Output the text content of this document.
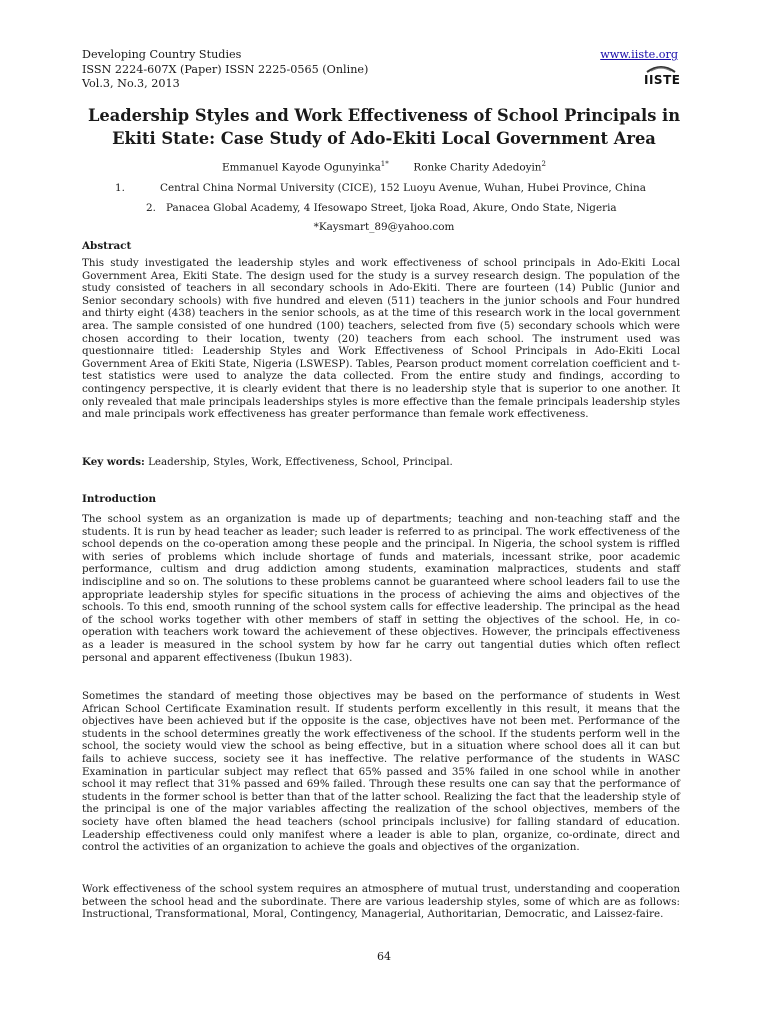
Developing Country Studies
ISSN 2224-607X (Paper) ISSN 2225-0565 (Online)
Vol.3, No.3, 2013
www.iiste.org
IISTE
Leadership Styles and Work Effectiveness of School Principals in
Ekiti State: Case Study of Ado-Ekiti Local Government Area
Emmanuel Kayode Ogunyinka$^{1*}$ Ronke Charity Adedoyin$^2$
1.	Central China Normal University (CICE), 152 Luoyu Avenue, Wuhan, Hubei Province, China
2. Panacea Global Academy, 4 Ifesowapo Street, Ijoka Road, Akure, Ondo State, Nigeria
*Kaysmart_89@yahoo.com
Abstract
This study investigated the leadership styles and work effectiveness of school principals in Ado-Ekiti Local Government Area, Ekiti State. The design used for the study is a survey research design. The population of the study consisted of teachers in all secondary schools in Ado-Ekiti. There are fourteen (14) Public (Junior and Senior secondary schools) with five hundred and eleven (511) teachers in the junior schools and Four hundred and thirty eight (438) teachers in the senior schools, as at the time of this research work in the local government area. The sample consisted of one hundred (100) teachers, selected from five (5) secondary schools which were chosen according to their location, twenty (20) teachers from each school. The instrument used was questionnaire titled: Leadership Styles and Work Effectiveness of School Principals in Ado-Ekiti Local Government Area of Ekiti State, Nigeria (LSWESP). Tables, Pearson product moment correlation coefficient and t-test statistics were used to analyze the data collected. From the entire study and findings, according to contingency perspective, it is clearly evident that there is no leadership style that is superior to one another. It only revealed that male principals leaderships styles is more effective than the female principals leadership styles and male principals work effectiveness has greater performance than female work effectiveness.
Key words: Leadership, Styles, Work, Effectiveness, School, Principal.
Introduction
The school system as an organization is made up of departments; teaching and non-teaching staff and the students. It is run by head teacher as leader; such leader is referred to as principal. The work effectiveness of the school depends on the co-operation among these people and the principal. In Nigeria, the school system is riffled with series of problems which include shortage of funds and materials, incessant strike, poor academic performance, cultism and drug addiction among students, examination malpractices, students and staff indiscipline and so on. The solutions to these problems cannot be guaranteed where school leaders fail to use the appropriate leadership styles for specific situations in the process of achieving the aims and objectives of the schools. To this end, smooth running of the school system calls for effective leadership. The principal as the head of the school works together with other members of staff in setting the objectives of the school. He, in co-operation with teachers work toward the achievement of these objectives. However, the principals effectiveness as a leader is measured in the school system by how far he carry out tangential duties which often reflect personal and apparent effectiveness (Ibukun 1983).
Sometimes the standard of meeting those objectives may be based on the performance of students in West African School Certificate Examination result. If students perform excellently in this result, it means that the objectives have been achieved but if the opposite is the case, objectives have not been met. Performance of the students in the school determines greatly the work effectiveness of the school. If the students perform well in the school, the society would view the school as being effective, but in a situation where school does all it can but fails to achieve success, society see it has ineffective. The relative performance of the students in WASC Examination in particular subject may reflect that 65% passed and 35% failed in one school while in another school it may reflect that 31% passed and 69% failed. Through these results one can say that the performance of students in the former school is better than that of the latter school. Realizing the fact that the leadership style of the principal is one of the major variables affecting the realization of the school objectives, members of the society have often blamed the head teachers (school principals inclusive) for falling standard of education. Leadership effectiveness could only manifest where a leader is able to plan, organize, co-ordinate, direct and control the activities of an organization to achieve the goals and objectives of the organization.
Work effectiveness of the school system requires an atmosphere of mutual trust, understanding and cooperation between the school head and the subordinate. There are various leadership styles, some of which are as follows: Instructional, Transformational, Moral, Contingency, Managerial, Authoritarian, Democratic, and Laissez-faire.
64
